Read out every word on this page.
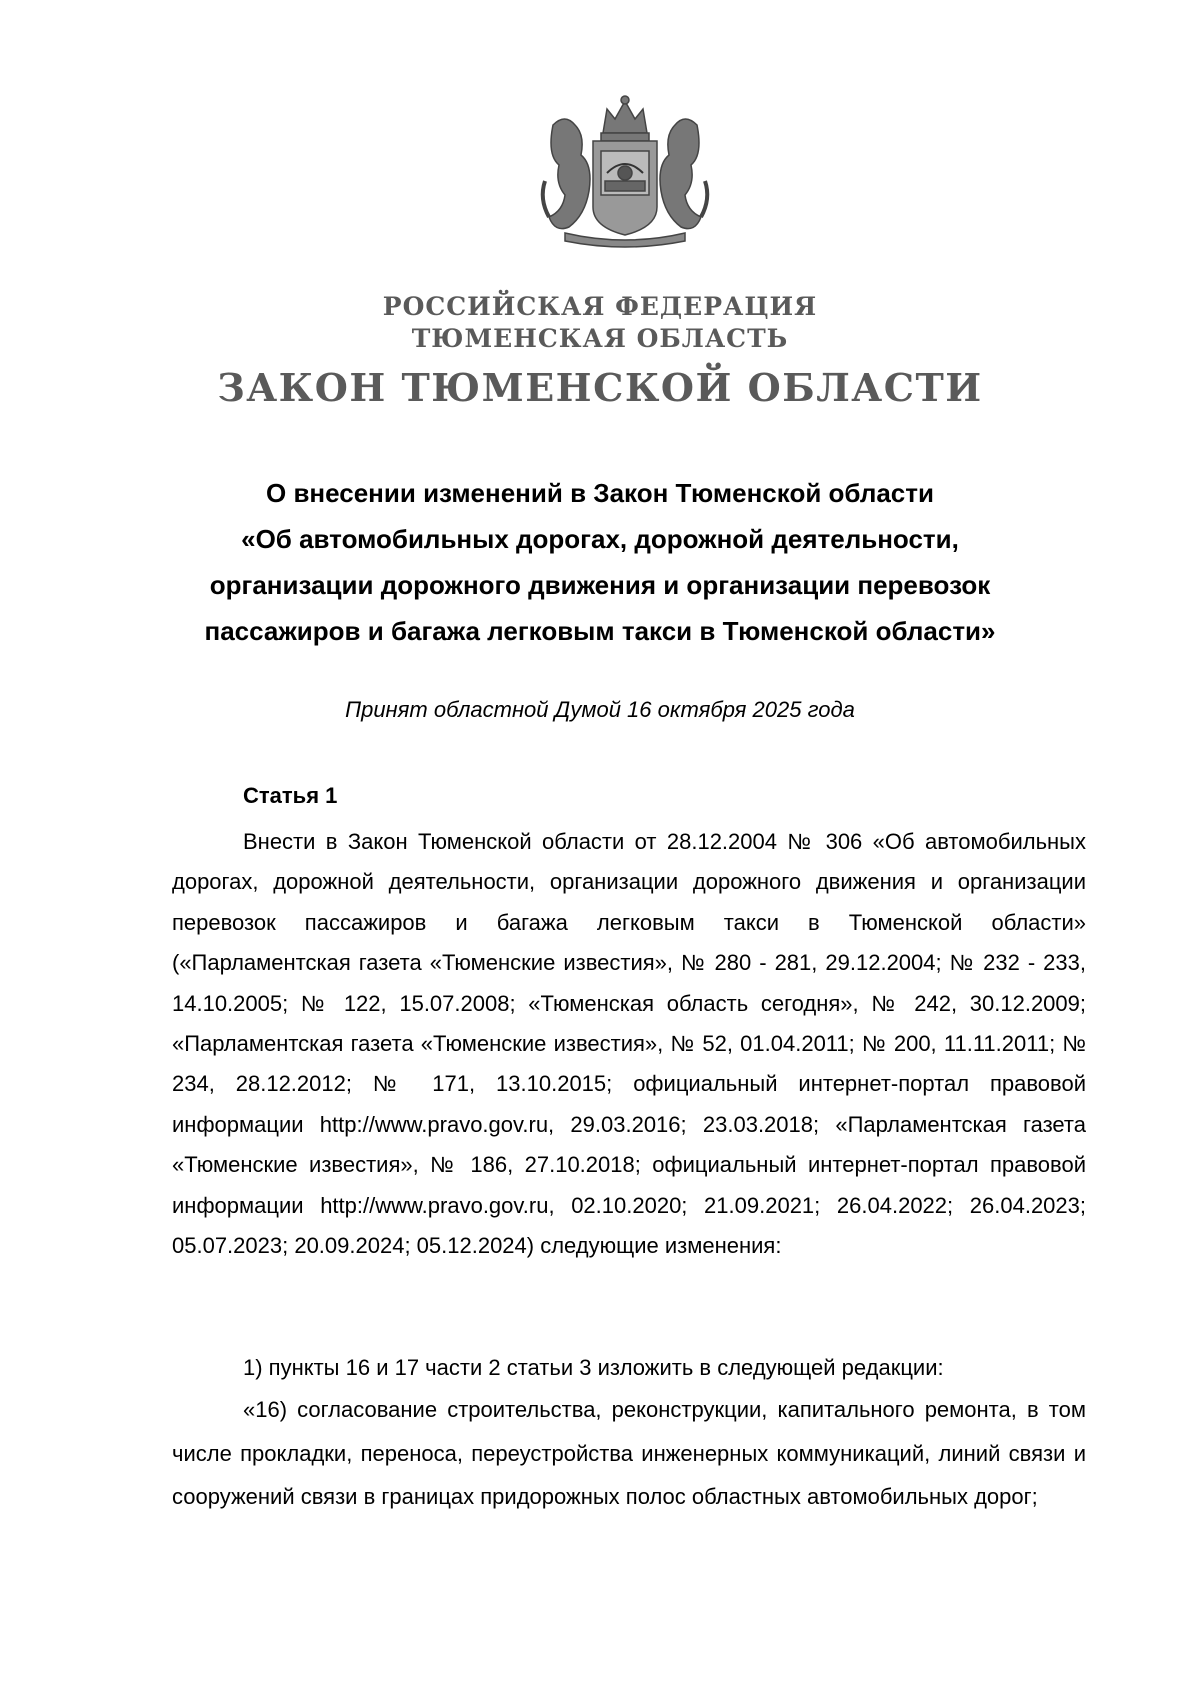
РОССИЙСКАЯ ФЕДЕРАЦИЯ
ТЮМЕНСКАЯ ОБЛАСТЬ
ЗАКОН ТЮМЕНСКОЙ ОБЛАСТИ
О внесении изменений в Закон Тюменской области
«Об автомобильных дорогах, дорожной деятельности,
организации дорожного движения и организации перевозок
пассажиров и багажа легковым такси в Тюменской области»
Принят областной Думой 16 октября 2025 года
Статья 1

Внести в Закон Тюменской области от 28.12.2004 № 306 «Об автомобильных дорогах, дорожной деятельности, организации дорожного движения и организации перевозок пассажиров и багажа легковым такси в Тюменской области» («Парламентская газета «Тюменские известия», № 280 - 281, 29.12.2004; № 232 - 233, 14.10.2005; № 122, 15.07.2008; «Тюменская область сегодня», № 242, 30.12.2009; «Парламентская газета «Тюменские известия», № 52, 01.04.2011; № 200, 11.11.2011; № 234, 28.12.2012; № 171, 13.10.2015; официальный интернет-портал правовой информации http://www.pravo.gov.ru, 29.03.2016; 23.03.2018; «Парламентская газета «Тюменские известия», № 186, 27.10.2018; официальный интернет-портал правовой информации http://www.pravo.gov.ru, 02.10.2020; 21.09.2021; 26.04.2022; 26.04.2023; 05.07.2023; 20.09.2024; 05.12.2024) следующие изменения:

1) пункты 16 и 17 части 2 статьи 3 изложить в следующей редакции:

«16) согласование строительства, реконструкции, капитального ремонта, в том числе прокладки, переноса, переустройства инженерных коммуникаций, линий связи и сооружений связи в границах придорожных полос областных автомобильных дорог;
